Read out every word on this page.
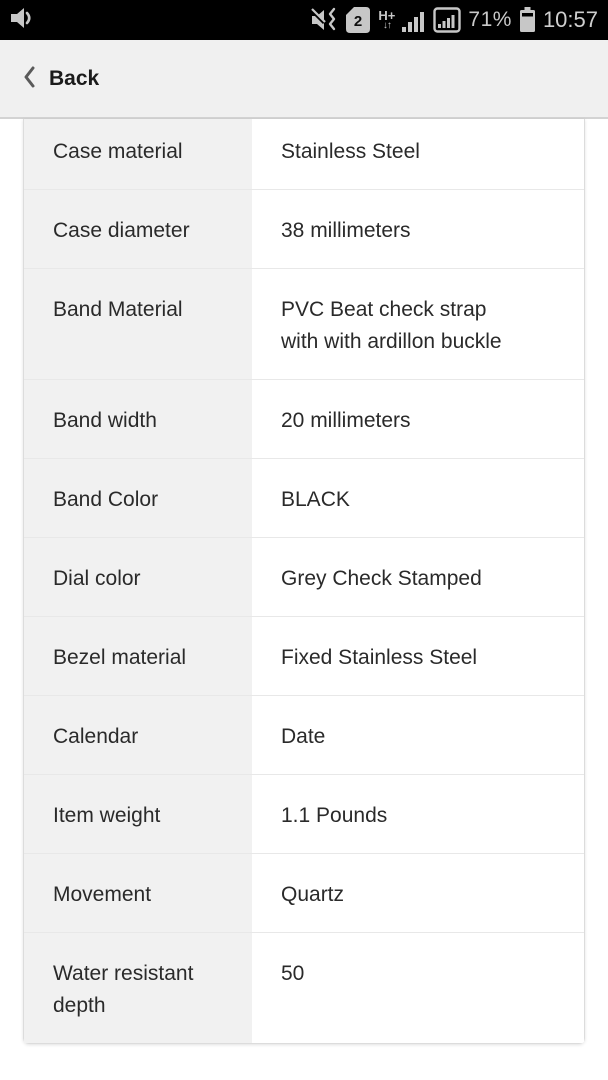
2 H+
↓↑	71% 10:57
Back
Case material	Stainless Steel
Case diameter	38 millimeters
Band Material	PVC Beat check strap with with ardillon buckle
Band width	20 millimeters
Band Color	BLACK
Dial color	Grey Check Stamped
Bezel material	Fixed Stainless Steel
Calendar	Date
Item weight	1.1 Pounds
Movement	Quartz
Water resistant depth	50
